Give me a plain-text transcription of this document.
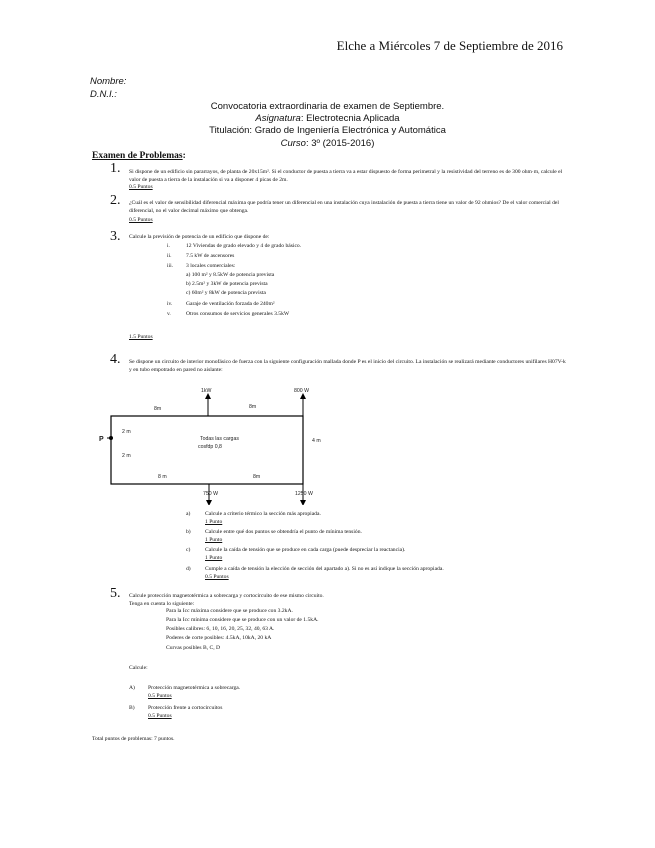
Elche a Miércoles 7 de Septiembre de 2016
Nombre:
D.N.I.:
Convocatoria extraordinaria de examen de Septiembre.
Asignatura: Electrotecnia Aplicada
Titulación: Grado de Ingeniería Electrónica y Automática
Curso: 3º (2015-2016)
Examen de Problemas:
1. Si dispone de un edificio sin pararrayos, de planta de 20x15m². Si el conductor de puesta a tierra va a estar dispuesto de forma perimetral y la resistividad del terreno es de 300 ohm·m, calcule el valor de puesta a tierra de la instalación si va a disponer 4 picas de 2m.
0.5 Puntos
2. ¿Cuál es el valor de sensibilidad diferencial máxima que podría tener un diferencial en una instalación cuya instalación de puesta a tierra tiene un valor de 92 ohmios? De el valor comercial del diferencial, no el valor decimal máximo que obtenga.
0.5 Puntos
3. Calcule la previsión de potencia de un edificio que dispone de:
i.	12 Viviendas de grado elevado y 4 de grado básico.
ii.	7.5 kW de ascensores
iii. 3 locales comerciales:
a) 100 m² y 8.5kW de potencia prevista
b) 2.5m² y 3kW de potencia prevista
c) 60m² y 8kW de potencia prevista
iv. Garaje de ventilación forzada de 240m²
v.	Otros consumos de servicios generales 3.5kW
1.5 Puntos
4. Se dispone un circuito de interior monofásico de fuerza con la siguiente configuración mallada donde P es el inicio del circuito. La instalación se realizará mediante conductores unifilares H07V-k y en tubo empotrado en pared no aislante:
P
1kW	800 W
750 W	1250 W
8m	8m
8 m	8m
2 m
2 m
4 m
Todas las cargas
cosfdp 0,8
a)	Calcule a criterio térmico la sección más apropiada.
1 Punto
b)	Calcule entre qué dos puntos se obtendría el punto de mínima tensión.
1 Punto
c)	Calcule la caída de tensión que se produce en cada carga (puede despreciar la reactancia).
1 Punto
d)	Cumple a caída de tensión la elección de sección del apartado a). Si no es así indique la sección apropiada.
0.5 Puntos
5. Calcule protección magnetotérmica a sobrecarga y cortocircuito de ese mismo circuito.
Tenga en cuenta lo siguiente:
Para la Icc máxima considere que se produce con 3.2kA.
Para la Icc mínima considere que se produce con un valor de 1.5kA.
Posibles calibres: 6, 10, 16, 20, 25, 32, 40, 63 A.
Poderes de corte posibles: 4.5kA, 10kA, 20 kA
Curvas posibles B, C, D
Calcule:
A) Protección magnetotérmica a sobrecarga.
0.5 Puntos
B) Protección frente a cortocircuitos
0.5 Puntos
Total puntos de problemas: 7 puntos.
